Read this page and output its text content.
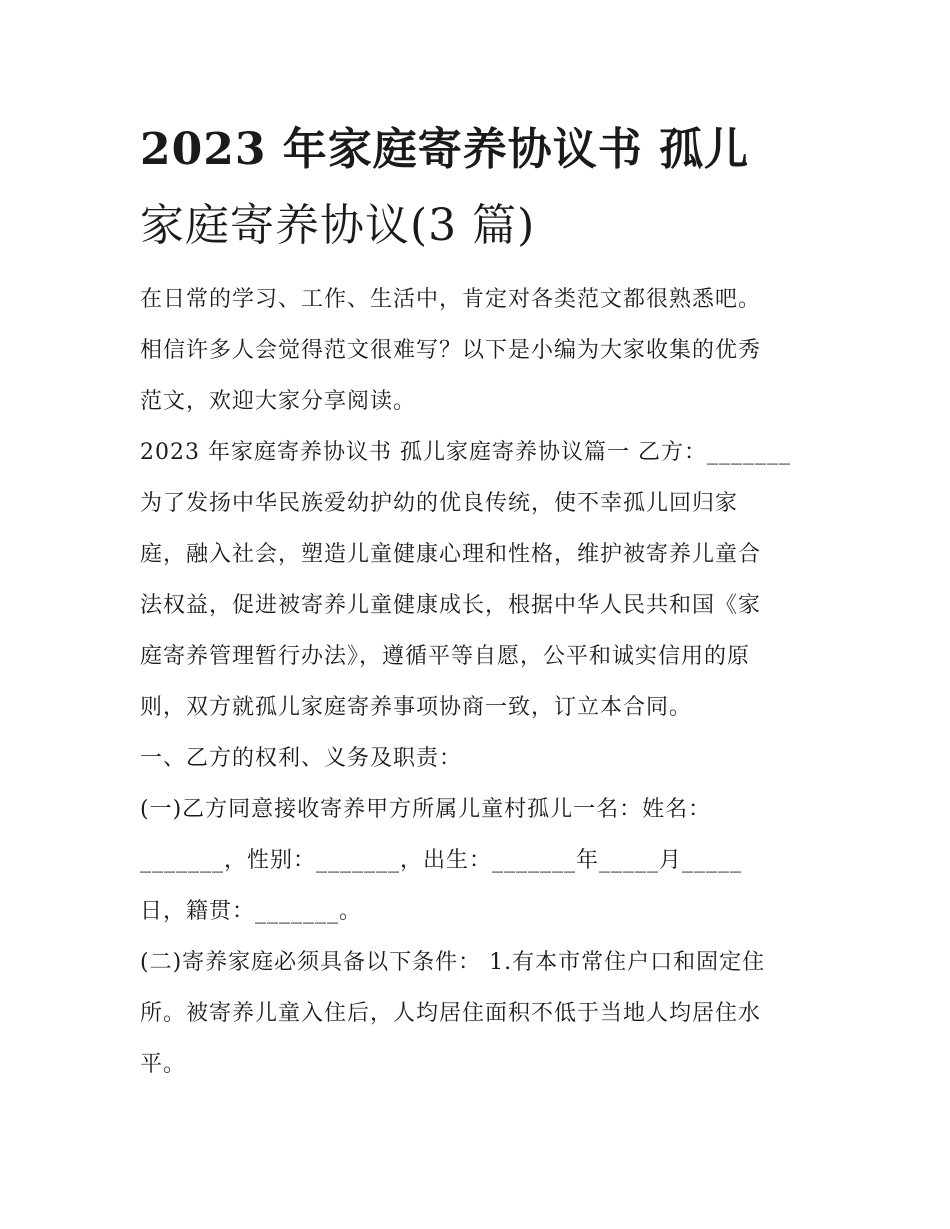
2023 年家庭寄养协议书 孤儿
家庭寄养协议(3 篇)
在日常的学习、工作、生活中，肯定对各类范文都很熟悉吧。
相信许多人会觉得范文很难写？以下是小编为大家收集的优秀
范文，欢迎大家分享阅读。
2023 年家庭寄养协议书 孤儿家庭寄养协议篇一 乙方：_______
为了发扬中华民族爱幼护幼的优良传统，使不幸孤儿回归家
庭，融入社会，塑造儿童健康心理和性格，维护被寄养儿童合
法权益，促进被寄养儿童健康成长，根据中华人民共和国《家
庭寄养管理暂行办法》，遵循平等自愿，公平和诚实信用的原
则，双方就孤儿家庭寄养事项协商一致，订立本合同。
一、乙方的权利、义务及职责：
(一)乙方同意接收寄养甲方所属儿童村孤儿一名：姓名：
_______，性别：_______，出生：_______年_____月_____
日，籍贯：_______。
(二)寄养家庭必须具备以下条件： 1.有本市常住户口和固定住
所。被寄养儿童入住后，人均居住面积不低于当地人均居住水
平。
